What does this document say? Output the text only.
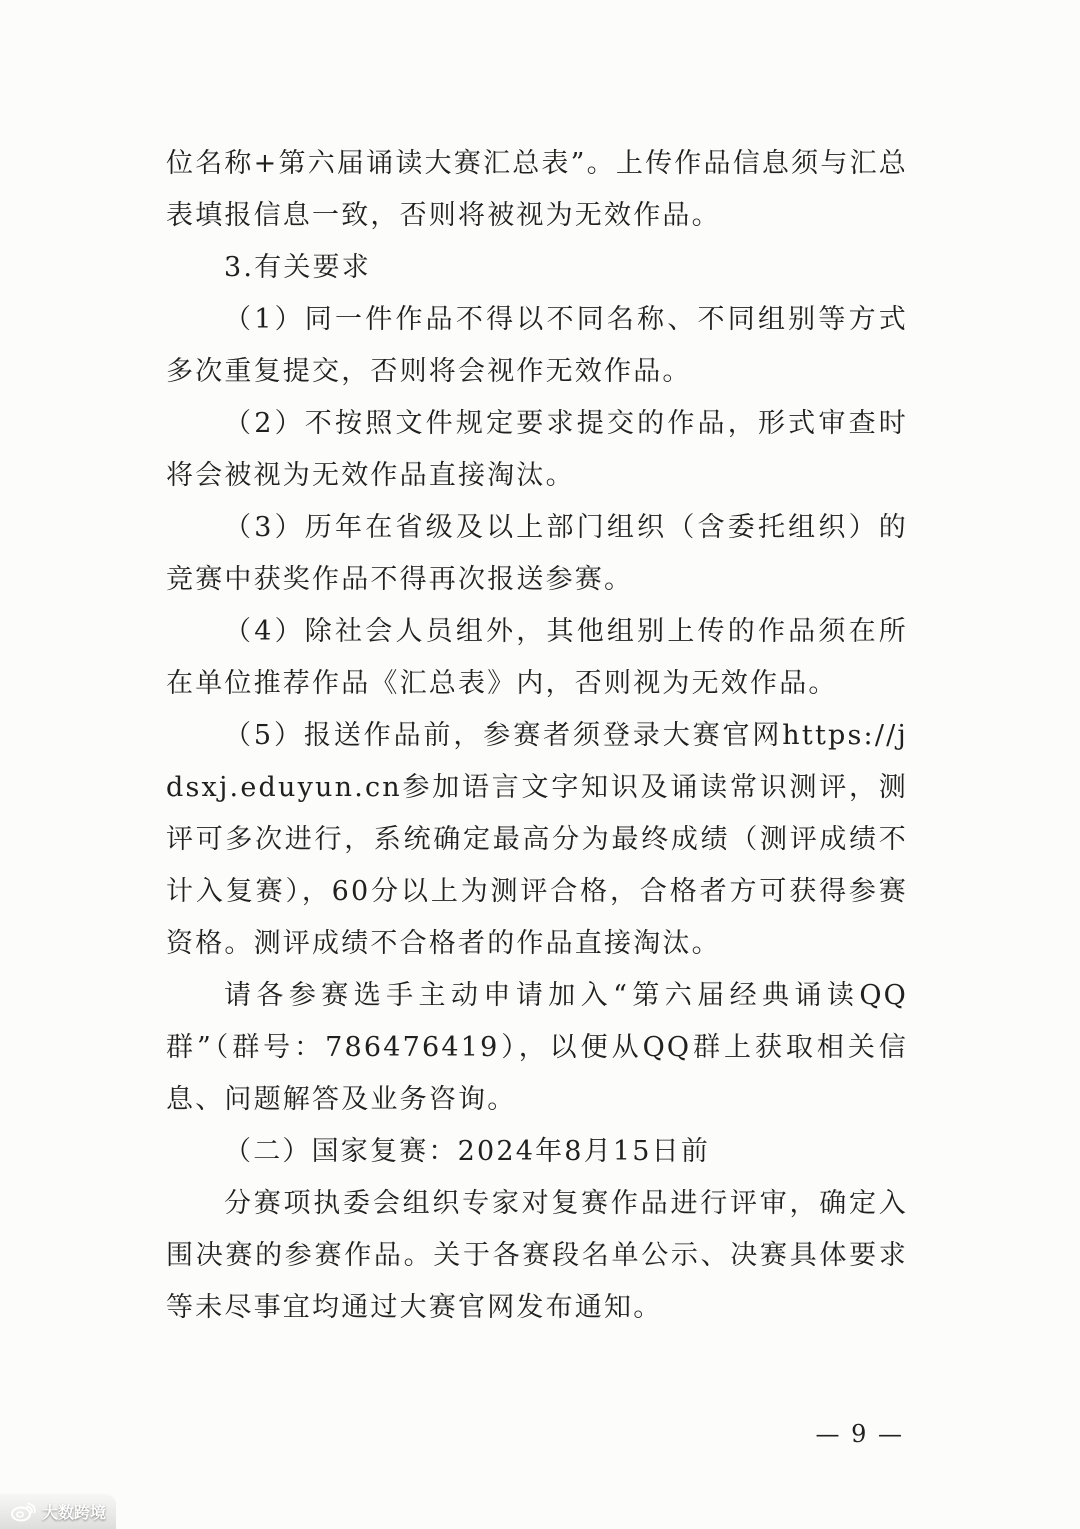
位名称+第六届诵读大赛汇总表”。上传作品信息须与汇总表填报信息一致，否则将被视为无效作品。

3.有关要求

（1）同一件作品不得以不同名称、不同组别等方式多次重复提交，否则将会视作无效作品。

（2）不按照文件规定要求提交的作品，形式审查时将会被视为无效作品直接淘汰。

（3）历年在省级及以上部门组织（含委托组织）的竞赛中获奖作品不得再次报送参赛。

（4）除社会人员组外，其他组别上传的作品须在所在单位推荐作品《汇总表》内，否则视为无效作品。

（5）报送作品前，参赛者须登录大赛官网https://jdsxj.eduyun.cn参加语言文字知识及诵读常识测评，测评可多次进行，系统确定最高分为最终成绩（测评成绩不计入复赛），60分以上为测评合格，合格者方可获得参赛资格。测评成绩不合格者的作品直接淘汰。

请各参赛选手主动申请加入“第六届经典诵读QQ群”（群号：786476419），以便从QQ群上获取相关信息、问题解答及业务咨询。

（二）国家复赛：2024年8月15日前

分赛项执委会组织专家对复赛作品进行评审，确定入围决赛的参赛作品。关于各赛段名单公示、决赛具体要求等未尽事宜均通过大赛官网发布通知。

— 9 —
大数跨境
